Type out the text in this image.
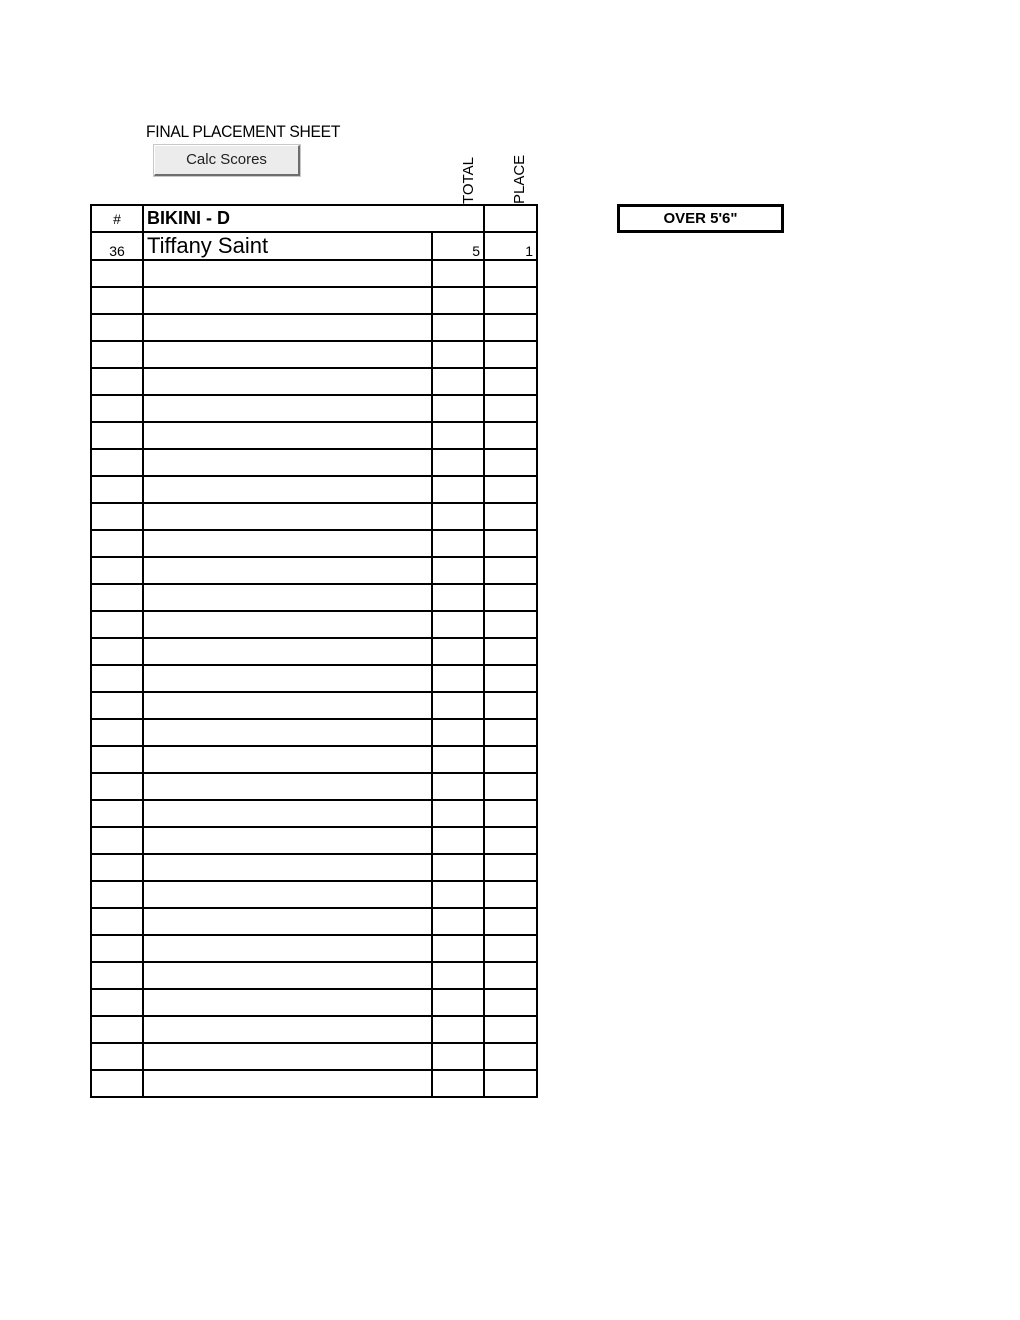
FINAL PLACEMENT SHEET
Calc Scores	TOTAL PLACE
#	BIKINI - D		
36	Tiffany Saint	5	1

OVER 5'6"
